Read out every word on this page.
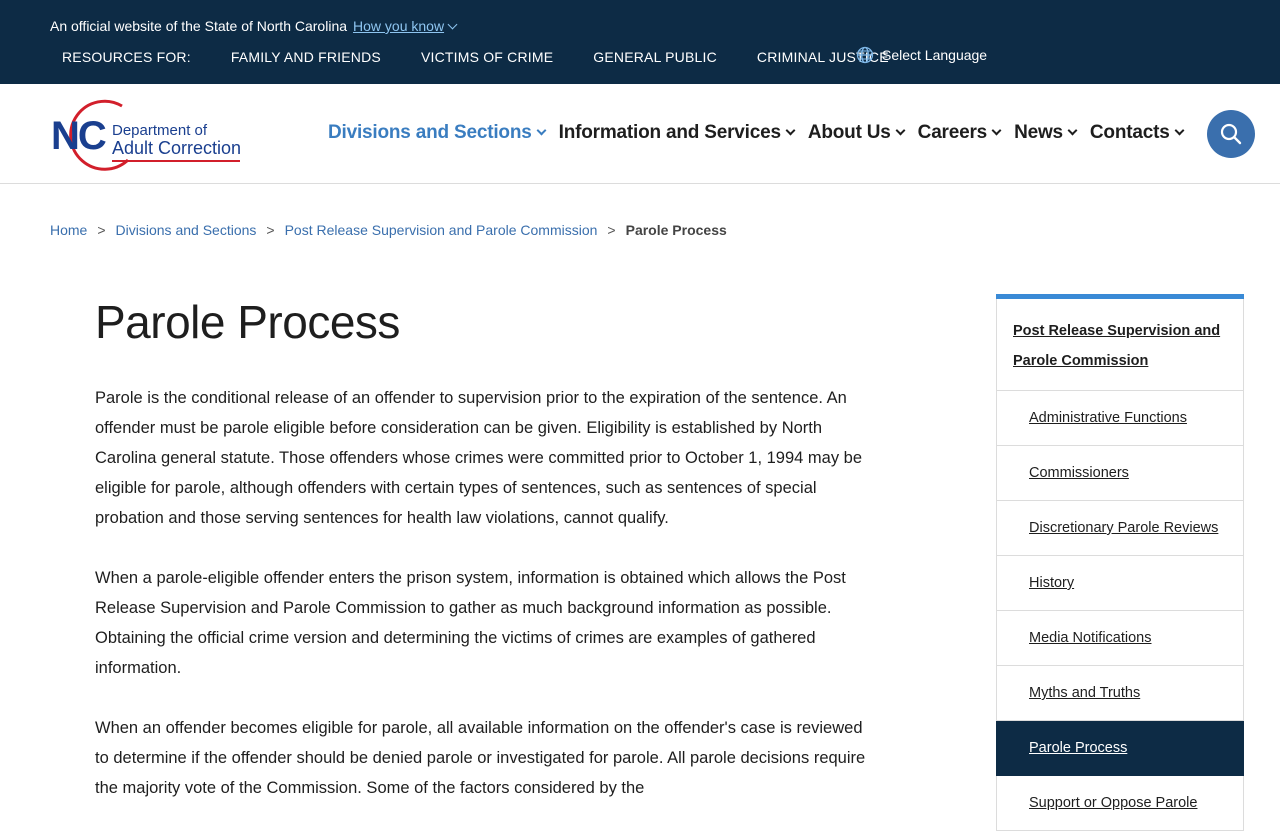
An official website of the State of North Carolina How you know
RESOURCES FOR:	FAMILY AND FRIENDS	VICTIMS OF CRIME	GENERAL PUBLIC	CRIMINAL JUSTICE
Select Language
NC Department of
Adult Correction
Divisions and Sections Information and Services About Us Careers News Contacts
Home > Divisions and Sections > Post Release Supervision and Parole Commission > Parole Process
Parole Process

Parole is the conditional release of an offender to supervision prior to the expiration of the sentence. An offender must be parole eligible before consideration can be given. Eligibility is established by North Carolina general statute. Those offenders whose crimes were committed prior to October 1, 1994 may be eligible for parole, although offenders with certain types of sentences, such as sentences of special probation and those serving sentences for health law violations, cannot qualify.

When a parole-eligible offender enters the prison system, information is obtained which allows the Post Release Supervision and Parole Commission to gather as much background information as possible. Obtaining the official crime version and determining the victims of crimes are examples of gathered information.

When an offender becomes eligible for parole, all available information on the offender's case is reviewed to determine if the offender should be denied parole or investigated for parole. All parole decisions require the majority vote of the Commission. Some of the factors considered by the

Post Release Supervision and Parole Commission
Administrative Functions
Commissioners
Discretionary Parole Reviews
History
Media Notifications
Myths and Truths
Parole Process
Support or Oppose Parole
